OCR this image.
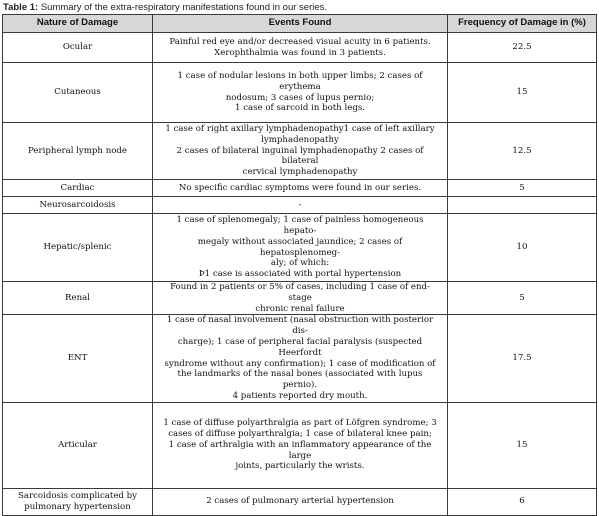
Table 1: Summary of the extra-respiratory manifestations found in our series.
Nature of Damage	Events Found	Frequency of Damage in (%)
Ocular	Painful red eye and/or decreased visual acuity in 6 patients.
Xerophthalmia was found in 3 patients.	22.5
Cutaneous	1 case of nodular lesions in both upper limbs; 2 cases of erythema
nodosum; 3 cases of lupus pernio;
1 case of sarcoid in both legs.	15
Peripheral lymph node	1 case of right axillary lymphadenopathy1 case of left axillary
lymphadenopathy
2 cases of bilateral inguinal lymphadenopathy 2 cases of bilateral
cervical lymphadenopathy	12.5
Cardiac	No specific cardiac symptoms were found in our series.	5
Neurosarcoidosis	-	

Hepatic/splenic	1 case of splenomegaly; 1 case of painless homogeneous hepato-
megaly without associated jaundice; 2 cases of hepatosplenomeg-
aly; of which:
Þ1 case is associated with portal hypertension	10
Renal	Found in 2 patients or 5% of cases, including 1 case of end-stage
chronic renal failure	5
ENT	1 case of nasal involvement (nasal obstruction with posterior dis-
charge); 1 case of peripheral facial paralysis (suspected Heerfordt
syndrome without any confirmation); 1 case of modification of
the landmarks of the nasal bones (associated with lupus pernio).
4 patients reported dry mouth.	17.5
Articular	1 case of diffuse polyarthralgia as part of Löfgren syndrome; 3
cases of diffuse polyarthralgia; 1 case of bilateral knee pain;
1 case of arthralgia with an inflammatory appearance of the large
joints, particularly the wrists.	15
Sarcoidosis complicated by pulmonary hypertension	2 cases of pulmonary arterial hypertension	6
